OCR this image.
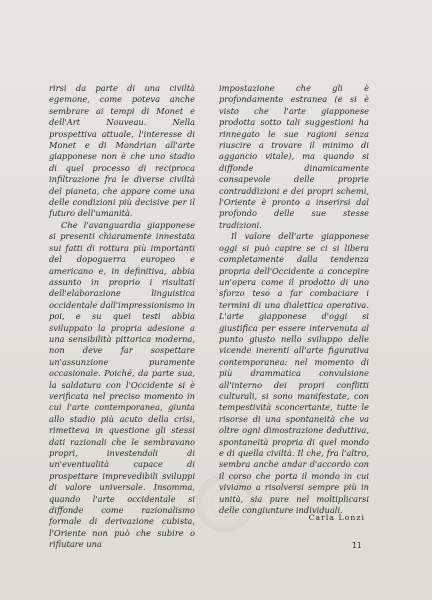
rirsi da parte di una civiltà egemone, come poteva anche sembrare ai tempi di Monet e dell'Art Nouveau. Nella prospettiva attuale, l'interesse di Monet e di Mondrian all'arte giapponese non è che uno stadio di quel processo di reciproca infiltrazione fra le diverse civiltà del pianeta, che appare come una delle condizioni più decisive per il futuro dell'umanità.

Che l'avanguardia giapponese si presenti chiaramente innestata sui fatti di rottura più importanti del dopoguerra europeo e americano e, in definitiva, abbia assunto in proprio i risultati dell'elaborazione linguistica occidentale dall'impressionismo in poi, e su quei testi abbia sviluppato la propria adesione a una sensibilità pittorica moderna, non deve far sospettare un'assunzione puramente occasionale. Poiché, da parte sua, la saldatura con l'Occidente si è verificata nel preciso momento in cui l'arte contemporanea, giunta allo stadio più acuto della crisi, rimetteva in questione gli stessi dati razionali che le sembravano propri, investendoli di un'eventualità capace di prospettare imprevedibili sviluppi di valore universale. Insomma, quando l'arte occidentale si diffonde come razionalismo formale di derivazione cubista, l'Oriente non può che subire o rifiutare una

impostazione che gli è profondamente estranea (e si è visto che l'arte giapponese prodotta sotto tali suggestioni ha rinnegato le sue ragioni senza riuscire a trovare il minimo di aggancio vitale), ma quando si diffonde dinamicamente consapevole delle proprie contraddizioni e dei propri schemi, l'Oriente è pronto a inserirsi dal profondo delle sue stesse tradizioni.

Il valore dell'arte giapponese oggi si può capire se ci si libera completamente dalla tendenza propria dell'Occidente a concepire un'opera come il prodotto di uno sforzo teso a far combaciare i termini di una dialettica operativa. L'arte giapponese d'oggi si giustifica per essere intervenuta al punto giusto nello sviluppo delle vicende inerenti all'arte figurativa contemporanea: nel momento di più drammatica convulsione all'interno dei propri conflitti culturali, si sono manifestate, con tempestività sconcertante, tutte le risorse di una spontaneità che va oltre ogni dimostrazione deduttiva, spontaneità propria di quel mondo e di quella civiltà. Il che, fra l'altro, sembra anche andar d'accordo con il corso che porta il mondo in cui viviamo a risolversi sempre più in unità, sia pure nel moltiplicarsi delle congiunture individuali.

Carla Lonzi
11
